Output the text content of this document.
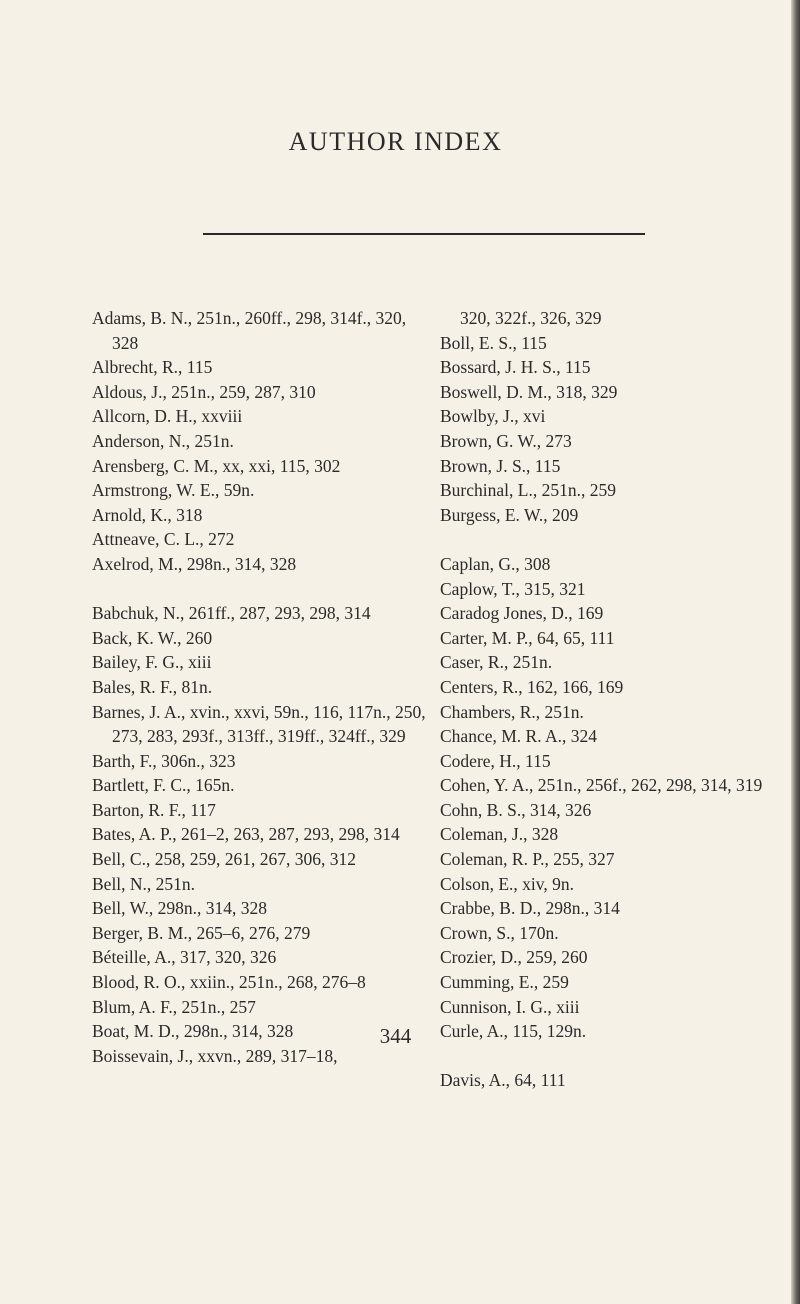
AUTHOR INDEX
Adams, B. N., 251n., 260ff., 298, 314f., 320, 328
Albrecht, R., 115
Aldous, J., 251n., 259, 287, 310
Allcorn, D. H., xxviii
Anderson, N., 251n.
Arensberg, C. M., xx, xxi, 115, 302
Armstrong, W. E., 59n.
Arnold, K., 318
Attneave, C. L., 272
Axelrod, M., 298n., 314, 328
Babchuk, N., 261ff., 287, 293, 298, 314
Back, K. W., 260
Bailey, F. G., xiii
Bales, R. F., 81n.
Barnes, J. A., xvin., xxvi, 59n., 116, 117n., 250, 273, 283, 293f., 313ff., 319ff., 324ff., 329
Barth, F., 306n., 323
Bartlett, F. C., 165n.
Barton, R. F., 117
Bates, A. P., 261–2, 263, 287, 293, 298, 314
Bell, C., 258, 259, 261, 267, 306, 312
Bell, N., 251n.
Bell, W., 298n., 314, 328
Berger, B. M., 265–6, 276, 279
Béteille, A., 317, 320, 326
Blood, R. O., xxiin., 251n., 268, 276–8
Blum, A. F., 251n., 257
Boat, M. D., 298n., 314, 328
Boissevain, J., xxvn., 289, 317–18,
320, 322f., 326, 329
Boll, E. S., 115
Bossard, J. H. S., 115
Boswell, D. M., 318, 329
Bowlby, J., xvi
Brown, G. W., 273
Brown, J. S., 115
Burchinal, L., 251n., 259
Burgess, E. W., 209
Caplan, G., 308
Caplow, T., 315, 321
Caradog Jones, D., 169
Carter, M. P., 64, 65, 111
Caser, R., 251n.
Centers, R., 162, 166, 169
Chambers, R., 251n.
Chance, M. R. A., 324
Codere, H., 115
Cohen, Y. A., 251n., 256f., 262, 298, 314, 319
Cohn, B. S., 314, 326
Coleman, J., 328
Coleman, R. P., 255, 327
Colson, E., xiv, 9n.
Crabbe, B. D., 298n., 314
Crown, S., 170n.
Crozier, D., 259, 260
Cumming, E., 259
Cunnison, I. G., xiii
Curle, A., 115, 129n.
Davis, A., 64, 111
344
